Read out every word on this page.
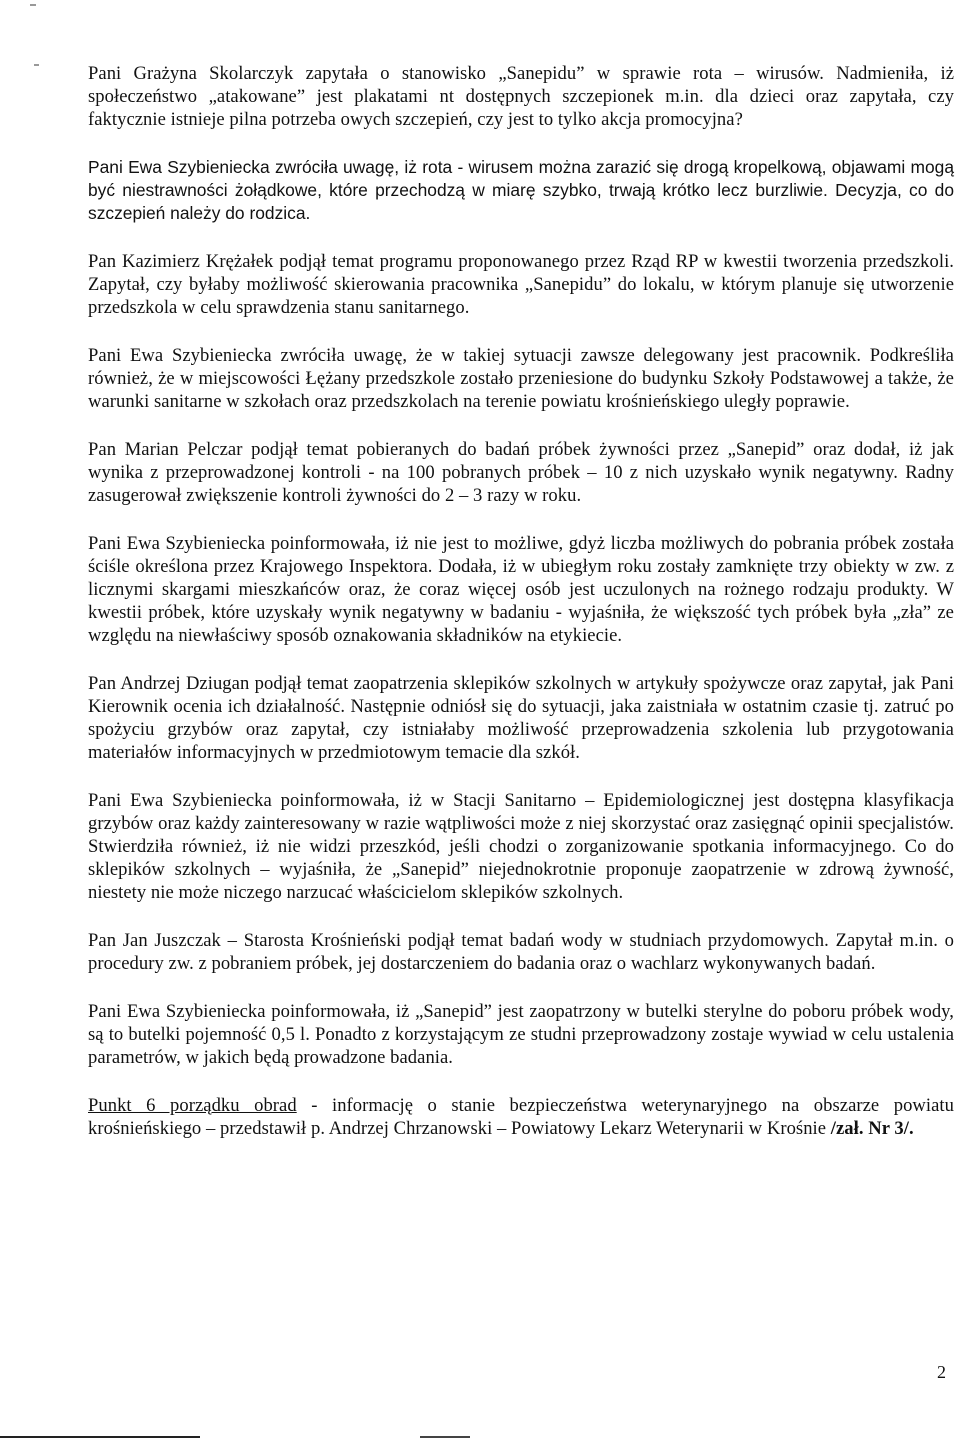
Pani Grażyna Skolarczyk zapytała o stanowisko „Sanepidu” w sprawie rota – wirusów. Nadmieniła, iż społeczeństwo „atakowane” jest plakatami nt dostępnych szczepionek m.in. dla dzieci oraz zapytała, czy faktycznie istnieje pilna potrzeba owych szczepień, czy jest to tylko akcja promocyjna?

Pani Ewa Szybieniecka zwróciła uwagę, iż rota - wirusem można zarazić się drogą kropelkową, objawami mogą być niestrawności żołądkowe, które przechodzą w miarę szybko, trwają krótko lecz burzliwie. Decyzja, co do szczepień należy do rodzica.

Pan Kazimierz Krężałek podjął temat programu proponowanego przez Rząd RP w kwestii tworzenia przedszkoli. Zapytał, czy byłaby możliwość skierowania pracownika „Sanepidu” do lokalu, w którym planuje się utworzenie przedszkola w celu sprawdzenia stanu sanitarnego.

Pani Ewa Szybieniecka zwróciła uwagę, że w takiej sytuacji zawsze delegowany jest pracownik. Podkreśliła również, że w miejscowości Łężany przedszkole zostało przeniesione do budynku Szkoły Podstawowej a także, że warunki sanitarne w szkołach oraz przedszkolach na terenie powiatu krośnieńskiego uległy poprawie.

Pan Marian Pelczar podjął temat pobieranych do badań próbek żywności przez „Sanepid” oraz dodał, iż jak wynika z przeprowadzonej kontroli - na 100 pobranych próbek – 10 z nich uzyskało wynik negatywny. Radny zasugerował zwiększenie kontroli żywności do 2 – 3 razy w roku.

Pani Ewa Szybieniecka poinformowała, iż nie jest to możliwe, gdyż liczba możliwych do pobrania próbek została ściśle określona przez Krajowego Inspektora. Dodała, iż w ubiegłym roku zostały zamknięte trzy obiekty w zw. z licznymi skargami mieszkańców oraz, że coraz więcej osób jest uczulonych na rożnego rodzaju produkty. W kwestii próbek, które uzyskały wynik negatywny w badaniu - wyjaśniła, że większość tych próbek była „zła” ze względu na niewłaściwy sposób oznakowania składników na etykiecie.

Pan Andrzej Dziugan podjął temat zaopatrzenia sklepików szkolnych w artykuły spożywcze oraz zapytał, jak Pani Kierownik ocenia ich działalność. Następnie odniósł się do sytuacji, jaka zaistniała w ostatnim czasie tj. zatruć po spożyciu grzybów oraz zapytał, czy istniałaby możliwość przeprowadzenia szkolenia lub przygotowania materiałów informacyjnych w przedmiotowym temacie dla szkół.

Pani Ewa Szybieniecka poinformowała, iż w Stacji Sanitarno – Epidemiologicznej jest dostępna klasyfikacja grzybów oraz każdy zainteresowany w razie wątpliwości może z niej skorzystać oraz zasięgnąć opinii specjalistów. Stwierdziła również, iż nie widzi przeszkód, jeśli chodzi o zorganizowanie spotkania informacyjnego. Co do sklepików szkolnych – wyjaśniła, że „Sanepid” niejednokrotnie proponuje zaopatrzenie w zdrową żywność, niestety nie może niczego narzucać właścicielom sklepików szkolnych.

Pan Jan Juszczak – Starosta Krośnieński podjął temat badań wody w studniach przydomowych. Zapytał m.in. o procedury zw. z pobraniem próbek, jej dostarczeniem do badania oraz o wachlarz wykonywanych badań.

Pani Ewa Szybieniecka poinformowała, iż „Sanepid” jest zaopatrzony w butelki sterylne do poboru próbek wody, są to butelki pojemność 0,5 l. Ponadto z korzystającym ze studni przeprowadzony zostaje wywiad w celu ustalenia parametrów, w jakich będą prowadzone badania.

Punkt 6 porządku obrad - informację o stanie bezpieczeństwa weterynaryjnego na obszarze powiatu krośnieńskiego – przedstawił p. Andrzej Chrzanowski – Powiatowy Lekarz Weterynarii w Krośnie /zał. Nr 3/.

2
